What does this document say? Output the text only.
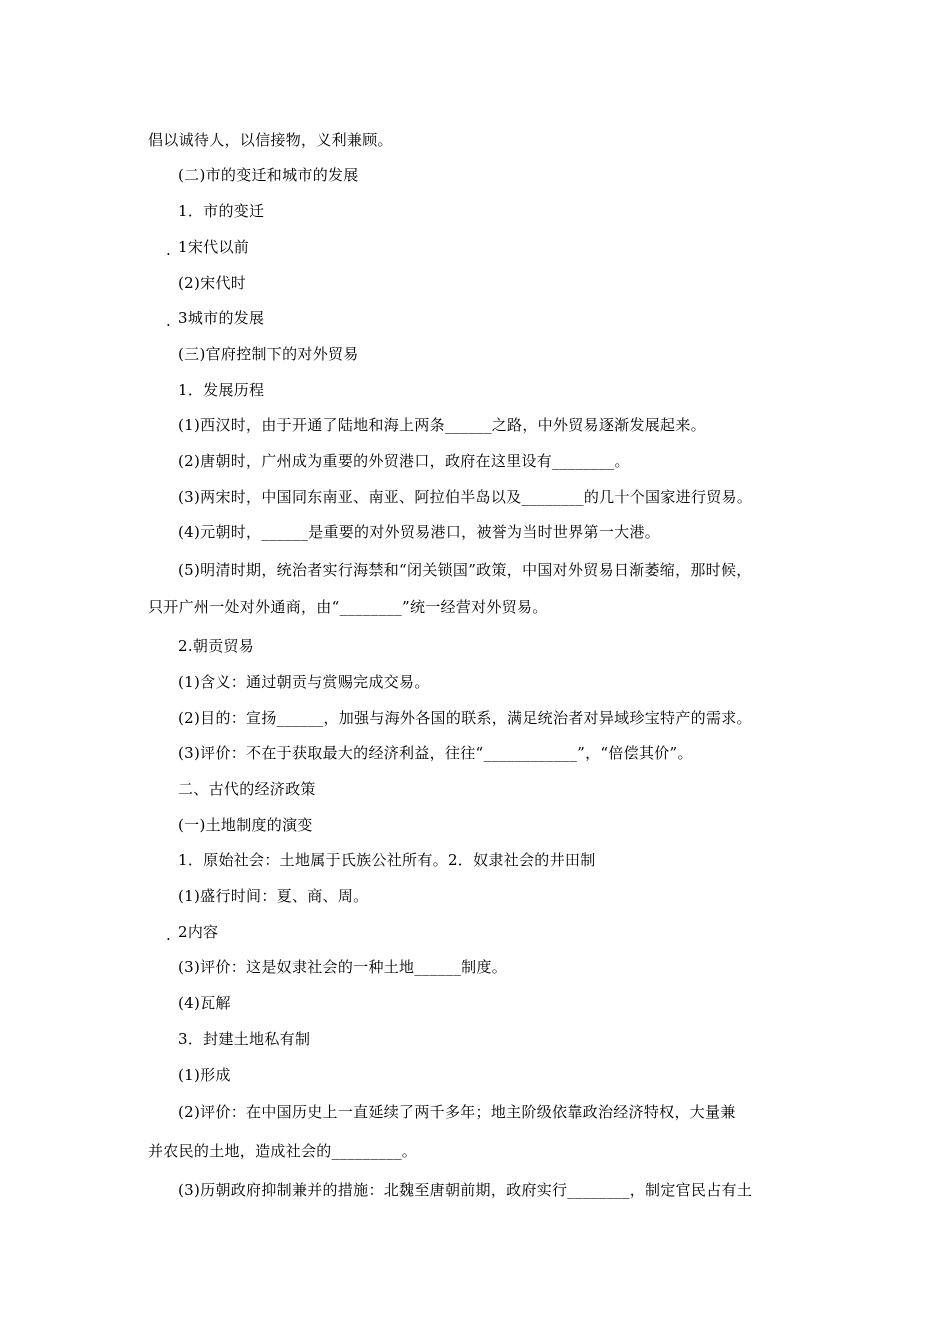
倡以诚待人，以信接物，义利兼顾。
(二)市的变迁和城市的发展
1．市的变迁
. 1宋代以前
(2)宋代时
. 3城市的发展
(三)官府控制下的对外贸易
1．发展历程
(1)西汉时，由于开通了陆地和海上两条______之路，中外贸易逐渐发展起来。
(2)唐朝时，广州成为重要的外贸港口，政府在这里设有________。
(3)两宋时，中国同东南亚、南亚、阿拉伯半岛以及________的几十个国家进行贸易。
(4)元朝时，______是重要的对外贸易港口，被誉为当时世界第一大港。
(5)明清时期，统治者实行海禁和“闭关锁国”政策，中国对外贸易日渐萎缩，那时候，
只开广州一处对外通商，由“________”统一经营对外贸易。
2.朝贡贸易
(1)含义：通过朝贡与赏赐完成交易。
(2)目的：宣扬______，加强与海外各国的联系，满足统治者对异域珍宝特产的需求。
(3)评价：不在于获取最大的经济利益，往往“____________”，“倍偿其价”。
二、古代的经济政策
(一)土地制度的演变
1．原始社会：土地属于氏族公社所有。2．奴隶社会的井田制
(1)盛行时间：夏、商、周。
. 2内容
(3)评价：这是奴隶社会的一种土地______制度。
(4)瓦解
3．封建土地私有制
(1)形成
(2)评价：在中国历史上一直延续了两千多年；地主阶级依靠政治经济特权，大量兼
并农民的土地，造成社会的_________。
(3)历朝政府抑制兼并的措施：北魏至唐朝前期，政府实行________，制定官民占有土
